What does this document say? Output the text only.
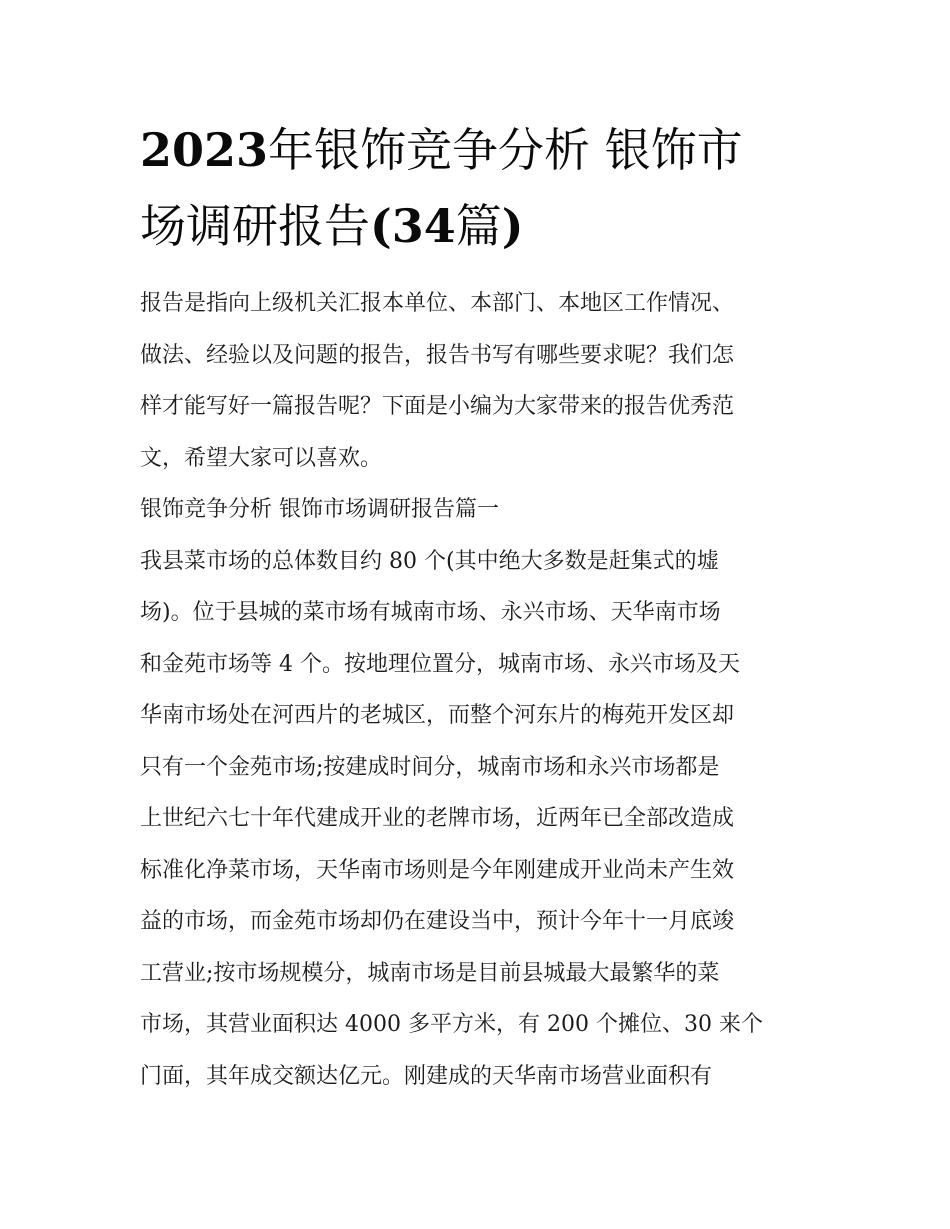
2023年银饰竞争分析 银饰市
场调研报告(34篇)
报告是指向上级机关汇报本单位、本部门、本地区工作情况、
做法、经验以及问题的报告，报告书写有哪些要求呢？我们怎
样才能写好一篇报告呢？下面是小编为大家带来的报告优秀范
文，希望大家可以喜欢。
银饰竞争分析 银饰市场调研报告篇一
我县菜市场的总体数目约 80 个(其中绝大多数是赶集式的墟
场)。位于县城的菜市场有城南市场、永兴市场、天华南市场
和金苑市场等 4 个。按地理位置分，城南市场、永兴市场及天
华南市场处在河西片的老城区，而整个河东片的梅苑开发区却
只有一个金苑市场;按建成时间分，城南市场和永兴市场都是
上世纪六七十年代建成开业的老牌市场，近两年已全部改造成
标准化净菜市场，天华南市场则是今年刚建成开业尚未产生效
益的市场，而金苑市场却仍在建设当中，预计今年十一月底竣
工营业;按市场规模分，城南市场是目前县城最大最繁华的菜
市场，其营业面积达 4000 多平方米，有 200 个摊位、30 来个
门面，其年成交额达亿元。刚建成的天华南市场营业面积有
